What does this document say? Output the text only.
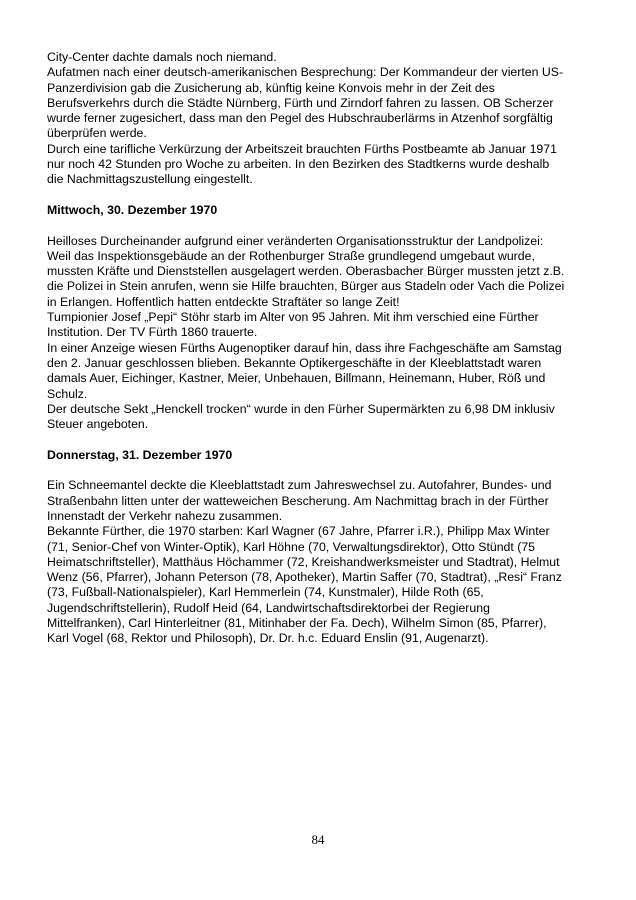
City-Center dachte damals noch niemand.
Aufatmen nach einer deutsch-amerikanischen Besprechung: Der Kommandeur der vierten US-
Panzerdivision gab die Zusicherung ab, künftig keine Konvois mehr in der Zeit des
Berufsverkehrs durch die Städte Nürnberg, Fürth und Zirndorf fahren zu lassen. OB Scherzer
wurde ferner zugesichert, dass man den Pegel des Hubschrauberlärms in Atzenhof sorgfältig
überprüfen werde.
Durch eine tarifliche Verkürzung der Arbeitszeit brauchten Fürths Postbeamte ab Januar 1971
nur noch 42 Stunden pro Woche zu arbeiten. In den Bezirken des Stadtkerns wurde deshalb
die Nachmittagszustellung eingestellt.
Mittwoch, 30. Dezember 1970
Heilloses Durcheinander aufgrund einer veränderten Organisationsstruktur der Landpolizei:
Weil das Inspektionsgebäude an der Rothenburger Straße grundlegend umgebaut wurde,
mussten Kräfte und Dienststellen ausgelagert werden. Oberasbacher Bürger mussten jetzt z.B.
die Polizei in Stein anrufen, wenn sie Hilfe brauchten, Bürger aus Stadeln oder Vach die Polizei
in Erlangen. Hoffentlich hatten entdeckte Straftäter so lange Zeit!
Tumpionier Josef „Pepi“ Stöhr starb im Alter von 95 Jahren. Mit ihm verschied eine Fürther
Institution. Der TV Fürth 1860 trauerte.
In einer Anzeige wiesen Fürths Augenoptiker darauf hin, dass ihre Fachgeschäfte am Samstag
den 2. Januar geschlossen blieben. Bekannte Optikergeschäfte in der Kleeblattstadt waren
damals Auer, Eichinger, Kastner, Meier, Unbehauen, Billmann, Heinemann, Huber, Röß und
Schulz.
Der deutsche Sekt „Henckell trocken“ wurde in den Fürher Supermärkten zu 6,98 DM inklusiv
Steuer angeboten.
Donnerstag, 31. Dezember 1970
Ein Schneemantel deckte die Kleeblattstadt zum Jahreswechsel zu. Autofahrer, Bundes- und
Straßenbahn litten unter der watteweichen Bescherung. Am Nachmittag brach in der Fürther
Innenstadt der Verkehr nahezu zusammen.
Bekannte Fürther, die 1970 starben: Karl Wagner (67 Jahre, Pfarrer i.R.), Philipp Max Winter
(71, Senior-Chef von Winter-Optik), Karl Höhne (70, Verwaltungsdirektor), Otto Stündt (75
Heimatschriftsteller), Matthäus Höchammer (72, Kreishandwerksmeister und Stadtrat), Helmut
Wenz (56, Pfarrer), Johann Peterson (78, Apotheker), Martin Saffer (70, Stadtrat), „Resi“ Franz
(73, Fußball-Nationalspieler), Karl Hemmerlein (74, Kunstmaler), Hilde Roth (65,
Jugendschriftstellerin), Rudolf Heid (64, Landwirtschaftsdirektorbei der Regierung
Mittelfranken), Carl Hinterleitner (81, Mitinhaber der Fa. Dech), Wilhelm Simon (85, Pfarrer),
Karl Vogel (68, Rektor und Philosoph), Dr. Dr. h.c. Eduard Enslin (91, Augenarzt).
84
